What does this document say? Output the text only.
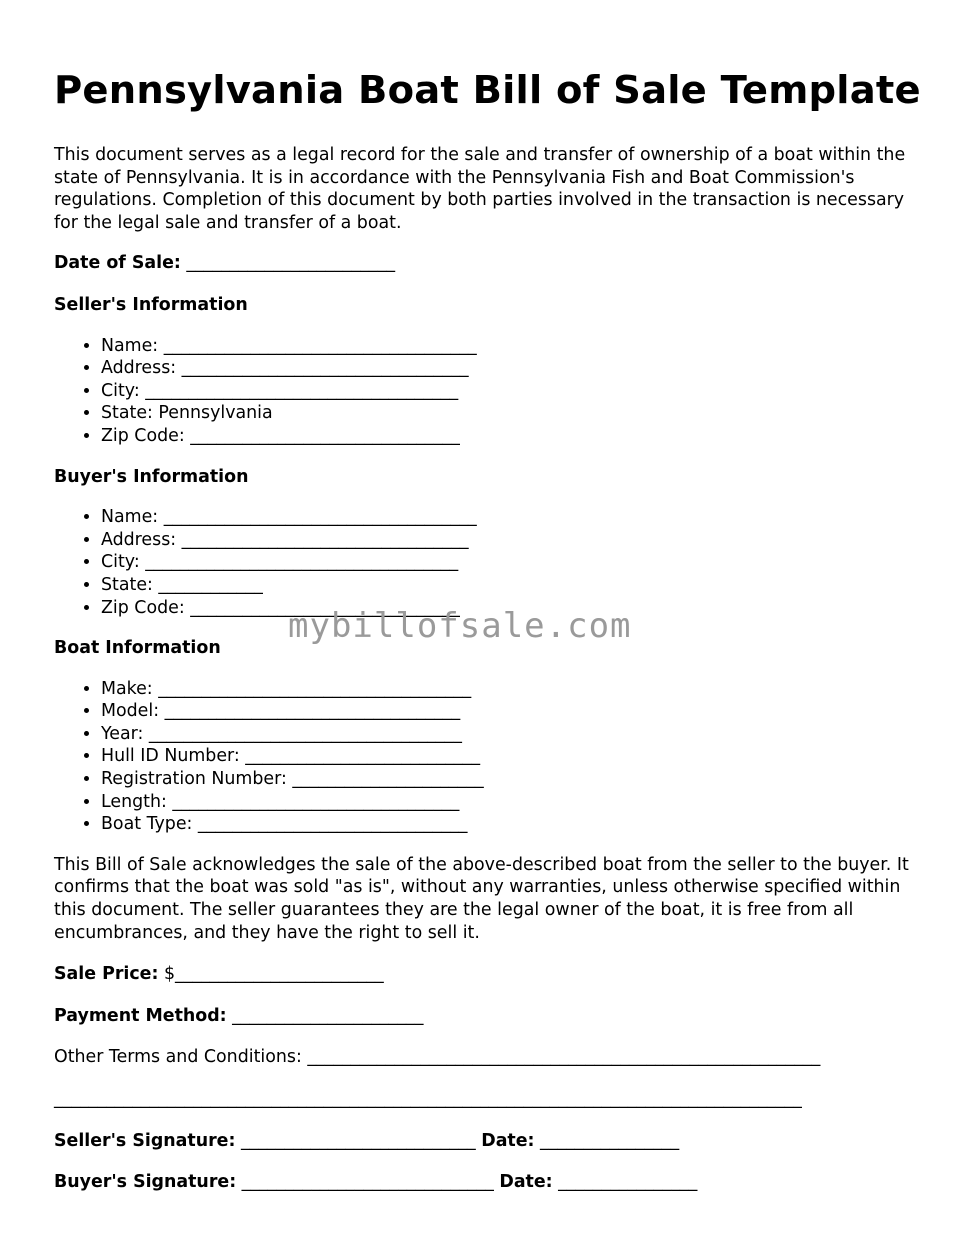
Pennsylvania Boat Bill of Sale Template

This document serves as a legal record for the sale and transfer of ownership of a boat within the state of Pennsylvania. It is in accordance with the Pennsylvania Fish and Boat Commission's regulations. Completion of this document by both parties involved in the transaction is necessary for the legal sale and transfer of a boat.

Date of Sale: ________________________

Seller's Information
• Name: ____________________________________
• Address: _________________________________
• City: ____________________________________
• State: Pennsylvania
• Zip Code: _______________________________
Buyer's Information
• Name: ____________________________________
• Address: _________________________________
• City: ____________________________________
• State: ____________
• Zip Code: _______________________________
Boat Information
• Make: ____________________________________
• Model: __________________________________
• Year: ____________________________________
• Hull ID Number: ___________________________
• Registration Number: ______________________
• Length: _________________________________
• Boat Type: _______________________________

This Bill of Sale acknowledges the sale of the above-described boat from the seller to the buyer. It confirms that the boat was sold "as is", without any warranties, unless otherwise specified within this document. The seller guarantees they are the legal owner of the boat, it is free from all encumbrances, and they have the right to sell it.

Sale Price: $________________________

Payment Method: ______________________

Other Terms and Conditions: ___________________________________________________________

______________________________________________________________________________________

Seller's Signature: ___________________________ Date: ________________

Buyer's Signature: _____________________________ Date: ________________

mybillofsale.com
